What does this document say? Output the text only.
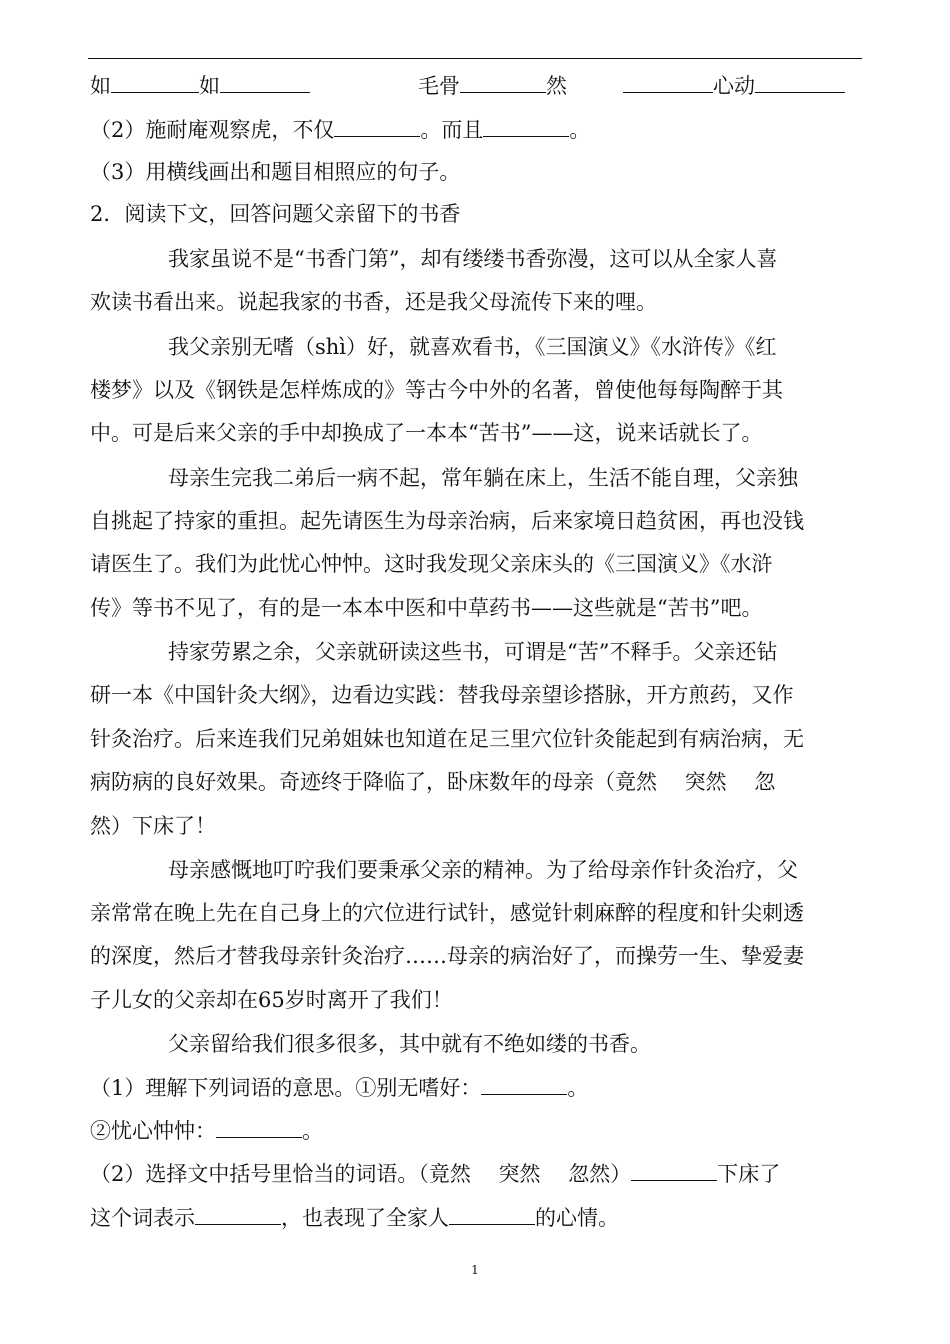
如	如	毛骨	然	心动
（2）施耐庵观察虎，不仅	。而且	。
（3）用横线画出和题目相照应的句子。
2．阅读下文，回答问题父亲留下的书香
我家虽说不是“书香门第”，却有缕缕书香弥漫，这可以从全家人喜
欢读书看出来。说起我家的书香，还是我父母流传下来的哩。
我父亲别无嗜（shì）好，就喜欢看书，《三国演义》《水浒传》《红
楼梦》以及《钢铁是怎样炼成的》等古今中外的名著，曾使他每每陶醉于其
中。可是后来父亲的手中却换成了一本本“苦书”——这，说来话就长了。
母亲生完我二弟后一病不起，常年躺在床上，生活不能自理，父亲独
自挑起了持家的重担。起先请医生为母亲治病，后来家境日趋贫困，再也没钱
请医生了。我们为此忧心忡忡。这时我发现父亲床头的《三国演义》《水浒
传》等书不见了，有的是一本本中医和中草药书——这些就是“苦书”吧。
持家劳累之余，父亲就研读这些书，可谓是“苦”不释手。父亲还钻
研一本《中国针灸大纲》，边看边实践：替我母亲望诊搭脉，开方煎药，又作
针灸治疗。后来连我们兄弟姐妹也知道在足三里穴位针灸能起到有病治病，无
病防病的良好效果。奇迹终于降临了，卧床数年的母亲（竟然　 突然　 忽
然）下床了！
母亲感慨地叮咛我们要秉承父亲的精神。为了给母亲作针灸治疗，父
亲常常在晚上先在自己身上的穴位进行试针，感觉针刺麻醉的程度和针尖刺透
的深度，然后才替我母亲针灸治疗……母亲的病治好了，而操劳一生、挚爱妻
子儿女的父亲却在65岁时离开了我们！
父亲留给我们很多很多，其中就有不绝如缕的书香。
（1）理解下列词语的意思。①别无嗜好：	。
②忧心忡忡：	。
（2）选择文中括号里恰当的词语。（竟然　 突然　 忽然）	下床了
这个词表示	，也表现了全家人	的心情。
1
